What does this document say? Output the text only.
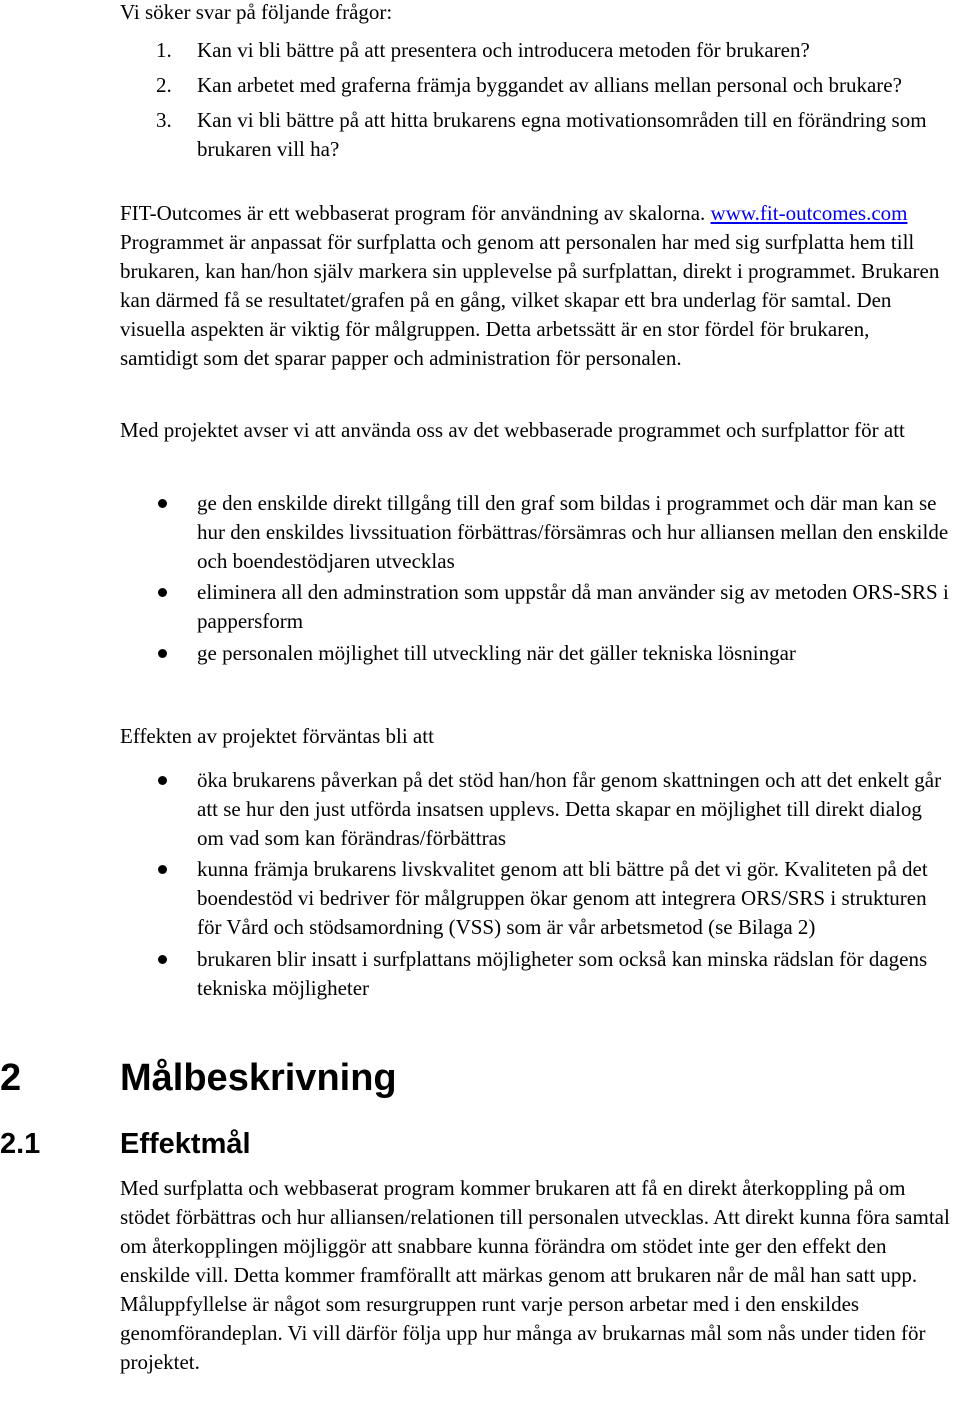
Vi söker svar på följande frågor:
1. Kan vi bli bättre på att presentera och introducera metoden för brukaren?
2. Kan arbetet med graferna främja byggandet av allians mellan personal och brukare?
3. Kan vi bli bättre på att hitta brukarens egna motivationsområden till en förändring som brukaren vill ha?

FIT-Outcomes är ett webbaserat program för användning av skalorna. www.fit-outcomes.com Programmet är anpassat för surfplatta och genom att personalen har med sig surfplatta hem till brukaren, kan han/hon själv markera sin upplevelse på surfplattan, direkt i programmet. Brukaren kan därmed få se resultatet/grafen på en gång, vilket skapar ett bra underlag för samtal. Den visuella aspekten är viktig för målgruppen. Detta arbetssätt är en stor fördel för brukaren, samtidigt som det sparar papper och administration för personalen.

Med projektet avser vi att använda oss av det webbaserade programmet och surfplattor för att

ge den enskilde direkt tillgång till den graf som bildas i programmet och där man kan se hur den enskildes livssituation förbättras/försämras och hur alliansen mellan den enskilde och boendestödjaren utvecklas
eliminera all den adminstration som uppstår då man använder sig av metoden ORS-SRS i pappersform
ge personalen möjlighet till utveckling när det gäller tekniska lösningar

Effekten av projektet förväntas bli att

öka brukarens påverkan på det stöd han/hon får genom skattningen och att det enkelt går att se hur den just utförda insatsen upplevs. Detta skapar en möjlighet till direkt dialog om vad som kan förändras/förbättras
kunna främja brukarens livskvalitet genom att bli bättre på det vi gör. Kvaliteten på det boendestöd vi bedriver för målgruppen ökar genom att integrera ORS/SRS i strukturen för Vård och stödsamordning (VSS) som är vår arbetsmetod (se Bilaga 2)
brukaren blir insatt i surfplattans möjligheter som också kan minska rädslan för dagens tekniska möjligheter
2	Målbeskrivning
2.1	Effektmål

Med surfplatta och webbaserat program kommer brukaren att få en direkt återkoppling på om stödet förbättras och hur alliansen/relationen till personalen utvecklas. Att direkt kunna föra samtal om återkopplingen möjliggör att snabbare kunna förändra om stödet inte ger den effekt den enskilde vill. Detta kommer framförallt att märkas genom att brukaren når de mål han satt upp. Måluppfyllelse är något som resurgruppen runt varje person arbetar med i den enskildes genomförandeplan. Vi vill därför följa upp hur många av brukarnas mål som nås under tiden för projektet.
